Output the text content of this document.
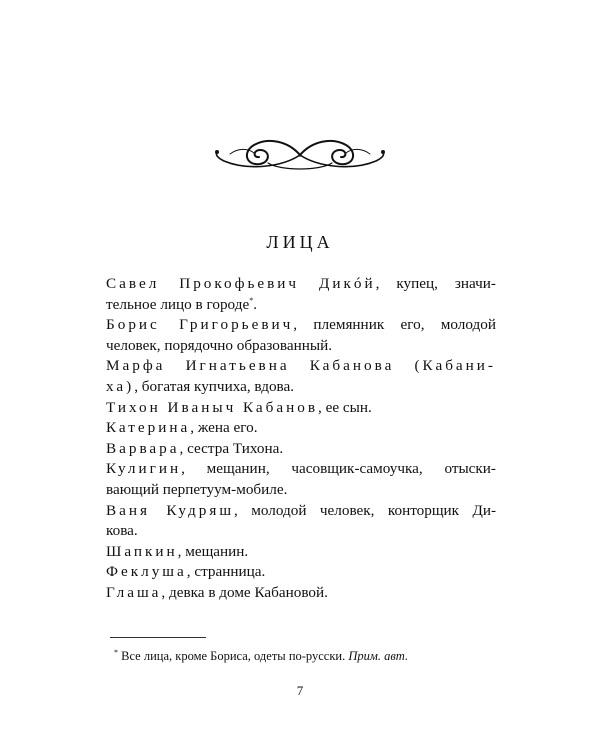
ЛИЦА
Савел Прокофьевич Дикóй, купец, значи-
тельное лицо в городе*.
Борис Григорьевич, племянник его, молодой
человек, порядочно образованный.
Марфа Игнатьевна Кабанова (Кабани-
ха), богатая купчиха, вдова.
Тихон Иваныч Кабанов, ее сын.
Катерина, жена его.
Варвара, сестра Тихона.
Кулигин, мещанин, часовщик-самоучка, отыски-
вающий перпетуум-мобиле.
Ваня Кудряш, молодой человек, конторщик Ди-
кова.
Шапкин, мещанин.
Феклуша, странница.
Глаша, девка в доме Кабановой.
* Все лица, кроме Бориса, одеты по-русски. Прим. авт.
7
